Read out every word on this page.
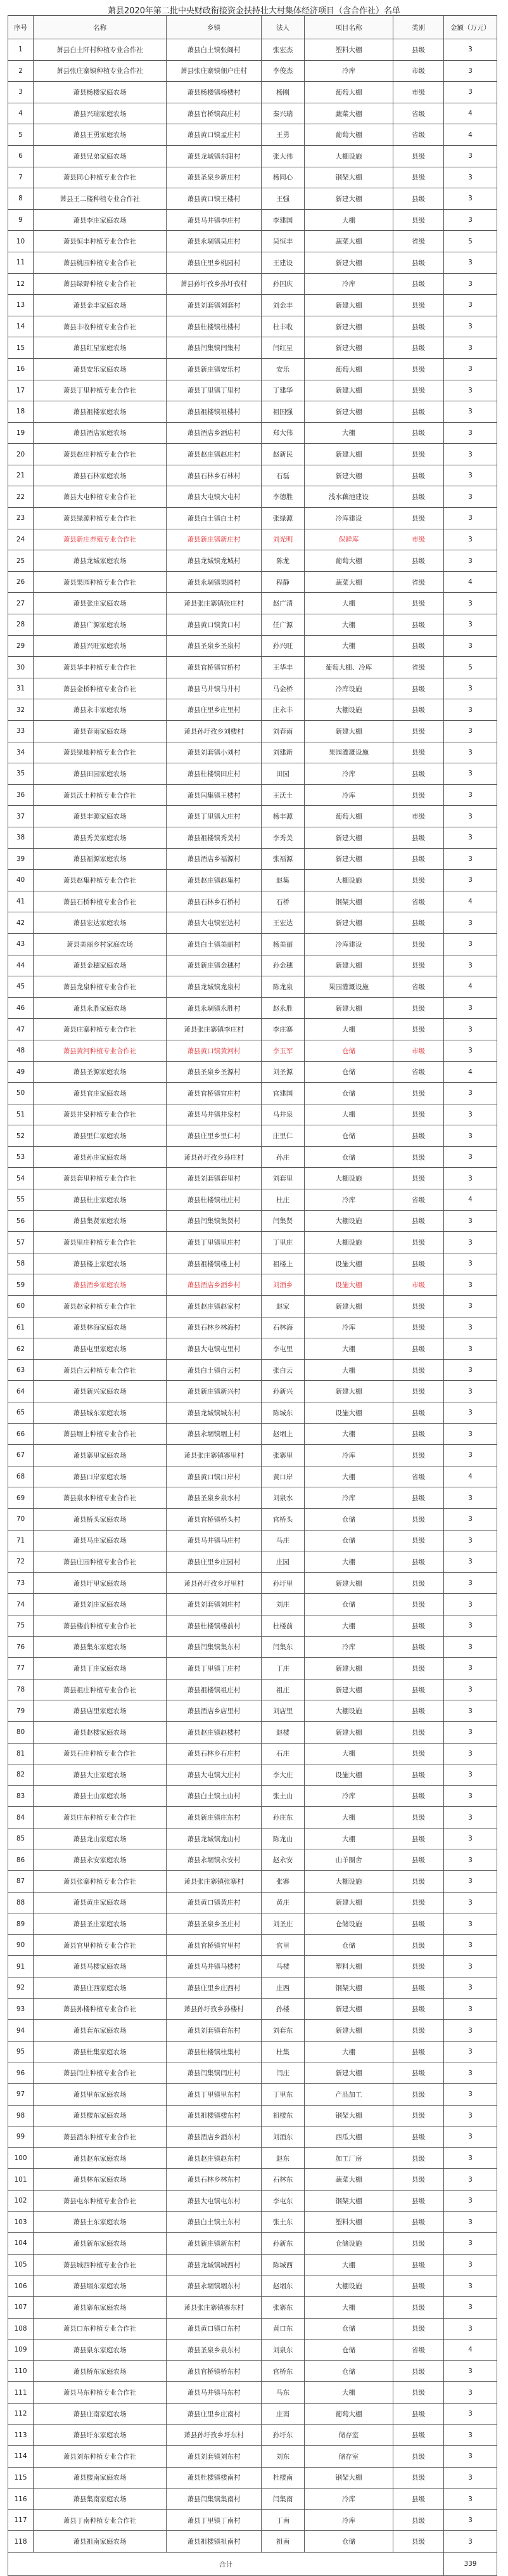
萧县2020年第二批中央财政衔接资金扶持壮大村集体经济项目（含合作社）名单
序号	名称	乡镇	法人	项目名称	类别	金额（万元）
1	萧县白土阡村种植专业合作社	萧县白土镇张阁村	张宏杰	塑料大棚	县级	3
2	萧县张庄寨镇种植专业合作社	萧县张庄寨镇佃户庄村	李俊杰	冷库	市级	3
3	萧县杨楼家庭农场	萧县杨楼镇杨楼村	杨刚	葡萄大棚	市级	3
4	萧县兴瑞家庭农场	萧县官桥镇高庄村	秦兴瑞	蔬菜大棚	省级	4
5	萧县王勇家庭农场	萧县黄口镇孟庄村	王勇	葡萄大棚	省级	4
6	萧县兄弟家庭农场	萧县龙城镇东阳村	张大伟	大棚设施	县级	3
7	萧县同心种植专业合作社	萧县圣泉乡新庄村	杨同心	钢架大棚	县级	3
8	萧县王二楼种植专业合作社	萧县黄口镇王楼村	王强	新建大棚	县级	3
9	萧县李庄家庭农场	萧县马井镇李庄村	李建国	大棚	县级	3
10	萧县恒丰种植专业合作社	萧县永堌镇吴庄村	吴恒丰	蔬菜大棚	省级	5
11	萧县桃园种植专业合作社	萧县庄里乡桃园村	王建设	新建大棚	县级	3
12	萧县绿野种植专业合作社	萧县孙圩孜乡孙圩孜村	孙国庆	冷库	县级	3
13	萧县金丰家庭农场	萧县刘套镇刘套村	刘金丰	新建大棚	县级	3
14	萧县丰收种植专业合作社	萧县杜楼镇杜楼村	杜丰收	新建大棚	县级	3
15	萧县红星家庭农场	萧县闫集镇闫集村	闫红星	新建大棚	县级	3
16	萧县安乐家庭农场	萧县新庄镇安乐村	安乐	葡萄大棚	县级	3
17	萧县丁里种植专业合作社	萧县丁里镇丁里村	丁建华	新建大棚	县级	3
18	萧县祖楼家庭农场	萧县祖楼镇祖楼村	祖国强	新建大棚	县级	3
19	萧县酒店家庭农场	萧县酒店乡酒店村	郑大伟	大棚	县级	3
20	萧县赵庄种植专业合作社	萧县赵庄镇赵庄村	赵新民	新建大棚	县级	3
21	萧县石林家庭农场	萧县石林乡石林村	石磊	新建大棚	县级	3
22	萧县大屯种植专业合作社	萧县大屯镇大屯村	李德胜	浅水藕池建设	县级	3
23	萧县绿源种植专业合作社	萧县白土镇白土村	张绿源	冷库建设	县级	3
24	萧县新庄养殖专业合作社	萧县新庄镇新庄村	刘光明	保鲜库	市级	3
25	萧县龙城家庭农场	萧县龙城镇龙城村	陈龙	葡萄大棚	县级	3
26	萧县果园种植专业合作社	萧县永堌镇果园村	程静	蔬菜大棚	省级	4
27	萧县张庄家庭农场	萧县张庄寨镇张庄村	赵广清	大棚	县级	3
28	萧县广源家庭农场	萧县黄口镇黄口村	任广源	大棚	县级	3
29	萧县兴旺家庭农场	萧县圣泉乡圣泉村	孙兴旺	大棚	县级	3
30	萧县华丰种植专业合作社	萧县官桥镇官桥村	王华丰	葡萄大棚、冷库	省级	5
31	萧县金桥种植专业合作社	萧县马井镇马井村	马金桥	冷库设施	县级	3
32	萧县永丰家庭农场	萧县庄里乡庄里村	庄永丰	大棚设施	县级	3
33	萧县春雨家庭农场	萧县孙圩孜乡刘楼村	刘春雨	新建大棚	县级	3
34	萧县绿地种植专业合作社	萧县刘套镇小刘村	刘建新	果园灌溉设施	县级	3
35	萧县田园家庭农场	萧县杜楼镇田庄村	田园	冷库	县级	3
36	萧县沃土种植专业合作社	萧县闫集镇王楼村	王沃土	冷库	县级	3
37	萧县丰源家庭农场	萧县丁里镇大庄村	杨丰源	葡萄大棚	市级	3
38	萧县秀美家庭农场	萧县祖楼镇秀美村	李秀美	新建大棚	县级	3
39	萧县福源家庭农场	萧县酒店乡福源村	张福源	新建大棚	县级	3
40	萧县赵集种植专业合作社	萧县赵庄镇赵集村	赵集	大棚设施	县级	3
41	萧县石桥种植专业合作社	萧县石林乡石桥村	石桥	钢架大棚	省级	4
42	萧县宏达家庭农场	萧县大屯镇宏达村	王宏达	新建大棚	县级	3
43	萧县美丽乡村家庭农场	萧县白土镇美丽村	杨美丽	冷库建设	县级	3
44	萧县金穗家庭农场	萧县新庄镇金穗村	孙金穗	新建大棚	县级	3
45	萧县龙泉种植专业合作社	萧县龙城镇龙泉村	陈龙泉	果园灌溉设施	省级	4
46	萧县永胜家庭农场	萧县永堌镇永胜村	赵永胜	新建大棚	县级	3
47	萧县庄寨种植专业合作社	萧县张庄寨镇李庄村	李庄寨	大棚	县级	3
48	萧县黄河种植专业合作社	萧县黄口镇黄河村	李玉军	仓储	市级	3
49	萧县圣源家庭农场	萧县圣泉乡圣源村	刘圣源	仓储	省级	4
50	萧县官庄家庭农场	萧县官桥镇官庄村	官建国	仓储	县级	3
51	萧县井泉种植专业合作社	萧县马井镇井泉村	马井泉	大棚	县级	3
52	萧县里仁家庭农场	萧县庄里乡里仁村	庄里仁	仓储	县级	3
53	萧县孙庄家庭农场	萧县孙圩孜乡孙庄村	孙庄	仓储	县级	3
54	萧县套里种植专业合作社	萧县刘套镇套里村	刘套里	大棚设施	县级	3
55	萧县杜庄家庭农场	萧县杜楼镇杜庄村	杜庄	冷库	省级	4
56	萧县集贤家庭农场	萧县闫集镇集贤村	闫集贤	大棚设施	县级	3
57	萧县里庄种植专业合作社	萧县丁里镇里庄村	丁里庄	大棚设施	县级	3
58	萧县楼上家庭农场	萧县祖楼镇楼上村	祖楼上	设施大棚	县级	3
59	萧县酒乡家庭农场	萧县酒店乡酒乡村	刘酒乡	设施大棚	市级	3
60	萧县赵家种植专业合作社	萧县赵庄镇赵家村	赵家	新建大棚	县级	3
61	萧县林海家庭农场	萧县石林乡林海村	石林海	冷库	县级	3
62	萧县屯里家庭农场	萧县大屯镇屯里村	李屯里	大棚	县级	3
63	萧县白云种植专业合作社	萧县白土镇白云村	张白云	大棚	县级	3
64	萧县新兴家庭农场	萧县新庄镇新兴村	孙新兴	新建大棚	县级	3
65	萧县城东家庭农场	萧县龙城镇城东村	陈城东	设施大棚	县级	3
66	萧县堌上种植专业合作社	萧县永堌镇堌上村	赵堌上	大棚	县级	3
67	萧县寨里家庭农场	萧县张庄寨镇寨里村	张寨里	冷库	县级	3
68	萧县口岸家庭农场	萧县黄口镇口岸村	黄口岸	大棚	省级	4
69	萧县泉水种植专业合作社	萧县圣泉乡泉水村	刘泉水	冷库	县级	3
70	萧县桥头家庭农场	萧县官桥镇桥头村	官桥头	仓储	县级	3
71	萧县马庄家庭农场	萧县马井镇马庄村	马庄	仓储	县级	3
72	萧县庄园种植专业合作社	萧县庄里乡庄园村	庄园	大棚	县级	3
73	萧县圩里家庭农场	萧县孙圩孜乡圩里村	孙圩里	新建大棚	县级	3
74	萧县刘庄家庭农场	萧县刘套镇刘庄村	刘庄	仓储	县级	3
75	萧县楼前种植专业合作社	萧县杜楼镇楼前村	杜楼前	大棚	县级	3
76	萧县集东家庭农场	萧县闫集镇集东村	闫集东	冷库	县级	3
77	萧县丁庄家庭农场	萧县丁里镇丁庄村	丁庄	新建大棚	县级	3
78	萧县祖庄种植专业合作社	萧县祖楼镇祖庄村	祖庄	新建大棚	县级	3
79	萧县店里家庭农场	萧县酒店乡店里村	刘店里	大棚设施	县级	3
80	萧县赵楼家庭农场	萧县赵庄镇赵楼村	赵楼	新建大棚	县级	3
81	萧县石庄种植专业合作社	萧县石林乡石庄村	石庄	大棚	县级	3
82	萧县大庄家庭农场	萧县大屯镇大庄村	李大庄	设施大棚	县级	3
83	萧县土山家庭农场	萧县白土镇土山村	张土山	冷库	县级	3
84	萧县庄东种植专业合作社	萧县新庄镇庄东村	孙庄东	大棚	县级	3
85	萧县龙山家庭农场	萧县龙城镇龙山村	陈龙山	大棚	县级	3
86	萧县永安家庭农场	萧县永堌镇永安村	赵永安	山羊圈舍	县级	3
87	萧县张寨种植专业合作社	萧县张庄寨镇张寨村	张寨	大棚设施	县级	3
88	萧县黄庄家庭农场	萧县黄口镇黄庄村	黄庄	新建大棚	县级	3
89	萧县圣庄家庭农场	萧县圣泉乡圣庄村	刘圣庄	仓储设施	县级	3
90	萧县官里种植专业合作社	萧县官桥镇官里村	官里	仓储	县级	3
91	萧县马楼家庭农场	萧县马井镇马楼村	马楼	塑料大棚	县级	3
92	萧县庄西家庭农场	萧县庄里乡庄西村	庄西	钢架大棚	县级	3
93	萧县孙楼种植专业合作社	萧县孙圩孜乡孙楼村	孙楼	新建大棚	县级	3
94	萧县套东家庭农场	萧县刘套镇套东村	刘套东	新建大棚	县级	3
95	萧县杜集家庭农场	萧县杜楼镇杜集村	杜集	大棚	县级	3
96	萧县闫庄种植专业合作社	萧县闫集镇闫庄村	闫庄	新建大棚	县级	3
97	萧县里东家庭农场	萧县丁里镇里东村	丁里东	产品加工	县级	3
98	萧县楼东家庭农场	萧县祖楼镇楼东村	祖楼东	钢架大棚	县级	3
99	萧县酒东种植专业合作社	萧县酒店乡酒东村	刘酒东	西瓜大棚	县级	3
100	萧县赵东家庭农场	萧县赵庄镇赵东村	赵东	加工厂房	县级	3
101	萧县林东家庭农场	萧县石林乡林东村	石林东	蔬菜大棚	县级	3
102	萧县屯东种植专业合作社	萧县大屯镇屯东村	李屯东	钢架大棚	县级	3
103	萧县土东家庭农场	萧县白土镇土东村	张土东	塑料大棚	县级	3
104	萧县新东家庭农场	萧县新庄镇新东村	孙新东	仓储设施	县级	3
105	萧县城西种植专业合作社	萧县龙城镇城西村	陈城西	大棚	县级	3
106	萧县堌东家庭农场	萧县永堌镇堌东村	赵堌东	大棚设施	县级	3
107	萧县寨东家庭农场	萧县张庄寨镇寨东村	张寨东	大棚	县级	3
108	萧县口东种植专业合作社	萧县黄口镇口东村	黄口东	仓储	县级	3
109	萧县泉东家庭农场	萧县圣泉乡泉东村	刘泉东	仓储	省级	4
110	萧县桥东家庭农场	萧县官桥镇桥东村	官桥东	仓储	县级	3
111	萧县马东种植专业合作社	萧县马井镇马东村	马东	大棚	县级	3
112	萧县庄南家庭农场	萧县庄里乡庄南村	庄南	葡萄大棚	县级	3
113	萧县圩东家庭农场	萧县孙圩孜乡圩东村	孙圩东	储存室	县级	3
114	萧县刘东种植专业合作社	萧县刘套镇刘东村	刘东	储存室	县级	3
115	萧县楼南家庭农场	萧县杜楼镇楼南村	杜楼南	钢架大棚	县级	3
116	萧县集南家庭农场	萧县闫集镇集南村	闫集南	冷库	县级	3
117	萧县丁南种植专业合作社	萧县丁里镇丁南村	丁南	冷库	县级	3
118	萧县祖南家庭农场	萧县祖楼镇祖南村	祖南	仓储	县级	3
合计						339
